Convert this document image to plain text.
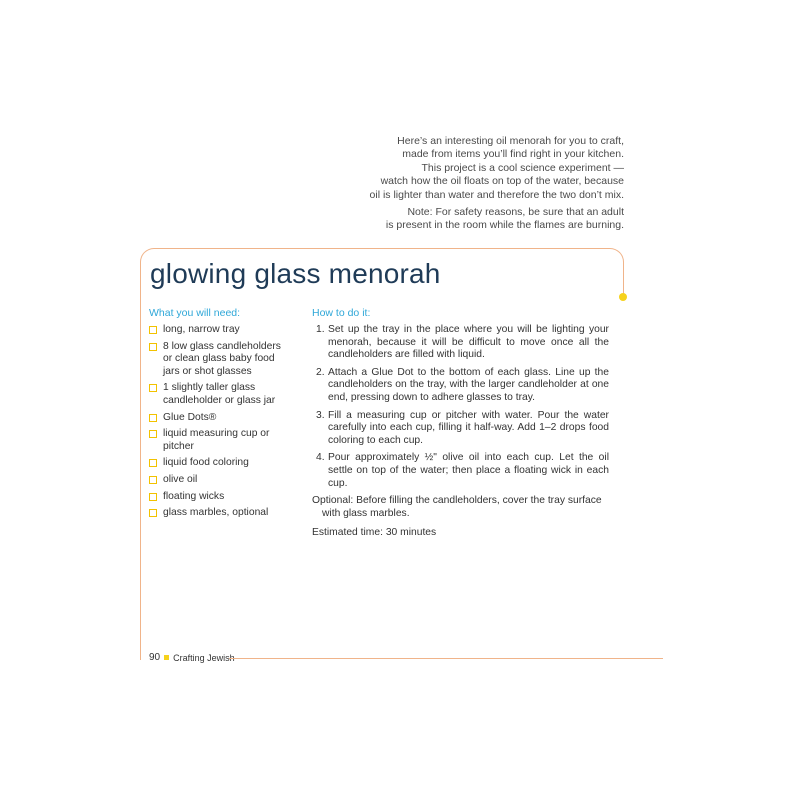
Here’s an interesting oil menorah for you to craft,
made from items you’ll find right in your kitchen.
This project is a cool science experiment —
watch how the oil floats on top of the water, because
oil is lighter than water and therefore the two don’t mix.

Note: For safety reasons, be sure that an adult
is present in the room while the flames are burning.

glowing glass menorah
What you will need:
long, narrow tray
8 low glass candleholders or clean glass baby food jars or shot glasses
1 slightly taller glass candleholder or glass jar
Glue Dots®
liquid measuring cup or pitcher
liquid food coloring
olive oil
floating wicks
glass marbles, optional
How to do it:
1. Set up the tray in the place where you will be lighting your menorah, because it will be difficult to move once all the candleholders are filled with liquid.
2. Attach a Glue Dot to the bottom of each glass. Line up the candleholders on the tray, with the larger candleholder at one end, pressing down to adhere glasses to tray.
3. Fill a measuring cup or pitcher with water. Pour the water carefully into each cup, filling it half-way. Add 1–2 drops food coloring to each cup.
4. Pour approximately ½" olive oil into each cup. Let the oil settle on top of the water; then place a floating wick in each cup.

Optional: Before filling the candleholders, cover the tray surface with glass marbles.

Estimated time: 30 minutes

90 Crafting Jewish
